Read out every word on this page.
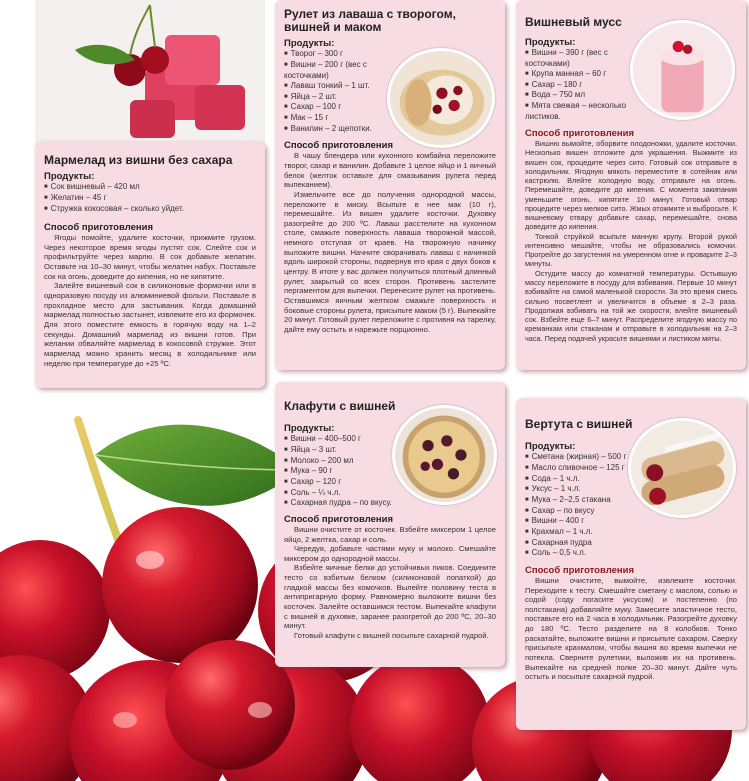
Мармелад из вишни без сахара
Продукты:
■ Сок вишневый – 420 мл
■ Желатин – 45 г
■ Стружка кокосовая – сколько уйдет.
Способ приготовления

Ягоды помойте, удалите косточки, прижмите грузом. Через некоторое время ягоды пустят сок. Слейте сок и профильтруйте через марлю. В сок добавьте желатин. Оставьте на 10–30 минут, чтобы желатин набух. Поставьте сок на огонь, доведите до кипения, но не кипятите.

Залейте вишневый сок в силиконовые формочки или в одноразовую посуду из алюминиевой фольги. Поставьте в прохладное место для застывания. Когда домашний мармелад полностью застынет, извлеките его из формочек. Для этого поместите емкость в горячую воду на 1–2 секунды. Домашний мармелад из вишни готов. При желании обваляйте мармелад в кокосовой стружке. Этот мармелад можно хранить месяц в холодильнике или неделю при температуре до +25 ºС.

Рулет из лаваша с творогом, вишней и маком
Продукты:
■ Творог – 300 г
■ Вишни – 200 г (вес с косточками)
■ Лаваш тонкий – 1 шт.
■ Яйца – 2 шт.
■ Сахар – 100 г
■ Мак – 15 г
■ Ванилин – 2 щепотки.
Способ приготовления

В чашу блендера или кухонного комбайна переложите творог, сахар и ванилин. Добавьте 1 целое яйцо и 1 яичный белок (желток оставьте для смазывания рулета перед выпеканием).

Измельчите все до получения однородной массы, переложите в миску. Всыпьте в нее мак (10 г), перемешайте. Из вишен удалите косточки. Духовку разогрейте до 200 ºС. Лаваш расстелите на кухонном столе, смажьте поверхность лаваша творожной массой, немного отступая от краев. На творожную начинку выложите вишни. Начните сворачивать лаваш с начинкой вдоль широкой стороны, подвернув его края с двух боков к центру. В итоге у вас должен получиться плотный длинный рулет, закрытый со всех сторон. Противень застелите пергаментом для выпечки. Перенесите рулет на противень. Оставшимся яичным желтком смажьте поверхность и боковые стороны рулета, присыпьте маком (5 г). Выпекайте 20 минут. Готовый рулет переложите с противня на тарелку, дайте ему остыть и нарежьте порционно.

Вишневый мусс
Продукты:
■ Вишни – 390 г (вес с косточками)
■ Крупа манная – 60 г
■ Сахар – 180 г
■ Вода – 750 мл
■ Мята свежая – несколько листиков.
Способ приготовления

Вишню вымойте, оборвите плодоножки, удалите косточки. Несколько вишен отложите для украшения. Выжмите из вишен сок, процедите через сито. Готовый сок отправьте в холодильник. Ягодную мякоть переместите в сотейник или кастрюлю. Влейте холодную воду, отправьте на огонь. Перемешайте, доведите до кипения. С момента закипания уменьшите огонь, кипятите 10 минут. Готовый отвар процедите через мелкое сито. Жмых отожмите и выбросьте. К вишневому отвару добавьте сахар, перемешайте, снова доведите до кипения.

Тонкой струйкой всыпьте манную крупу. Второй рукой интенсивно мешайте, чтобы не образовались комочки. Прогрейте до загустения на умеренном огне и проварите 2–3 минуты.

Остудите массу до комнатной температуры. Остывшую массу переложите в посуду для взбивания. Первые 10 минут взбивайте на самой маленькой скорости. За это время смесь сильно посветлеет и увеличится в объеме в 2–3 раза. Продолжая взбивать на той же скорости, влейте вишневый сок. Взбейте еще 6–7 минут. Распределите ягодную массу по креманкам или стаканам и отправьте в холодильник на 2–3 часа. Перед подачей украсьте вишнями и листиком мяты.

Клафути с вишней
Продукты:
■ Вишни – 400–500 г
■ Яйца – 3 шт.
■ Молоко – 200 мл
■ Мука – 90 г
■ Сахар – 120 г
■ Соль – ¼ ч.л.
■ Сахарная пудра – по вкусу.
Способ приготовления

Вишни очистите от косточек. Взбейте миксером 1 целое яйцо, 2 желтка, сахар и соль.

Чередуя, добавьте частями муку и молоко. Смешайте миксером до однородной массы.

Взбейте яичные белки до устойчивых пиков. Соедините тесто со взбитым белком (силиконовой лопаткой) до гладкой массы без комочков. Вылейте половину теста в антипригарную форму. Равномерно выложите вишни без косточек. Залейте оставшимся тестом. Выпекайте клафути с вишней в духовке, заранее разогретой до 200 ºС, 20–30 минут.

Готовый клафути с вишней посыпьте сахарной пудрой.

Вертута с вишней
Продукты:
■ Сметана (жирная) – 500 г
■ Масло сливочное – 125 г
■ Сода – 1 ч.л.
■ Уксус – 1 ч.л.
■ Мука – 2–2,5 стакана
■ Сахар – по вкусу
■ Вишни – 400 г
■ Крахмал – 1 ч.л.
■ Сахарная пудра
■ Соль – 0,5 ч.л.
Способ приготовления

Вишни очистите, вымойте, извлеките косточки. Переходите к тесту. Смешайте сметану с маслом, солью и содой (соду погасите уксусом) и постепенно (по полстакана) добавляйте муку. Замесите эластичное тесто, поставьте его на 2 часа в холодильник. Разогрейте духовку до 180 ºС. Тесто разделите на 8 колобков. Тонко раскатайте, выложите вишни и присыпьте сахаром. Сверху присыпьте крахмалом, чтобы вишня во время выпечки не потекла. Сверните рулетики, выложив их на противень. Выпекайте на средней полке 20–30 минут. Дайте чуть остыть и посыпьте сахарной пудрой.
